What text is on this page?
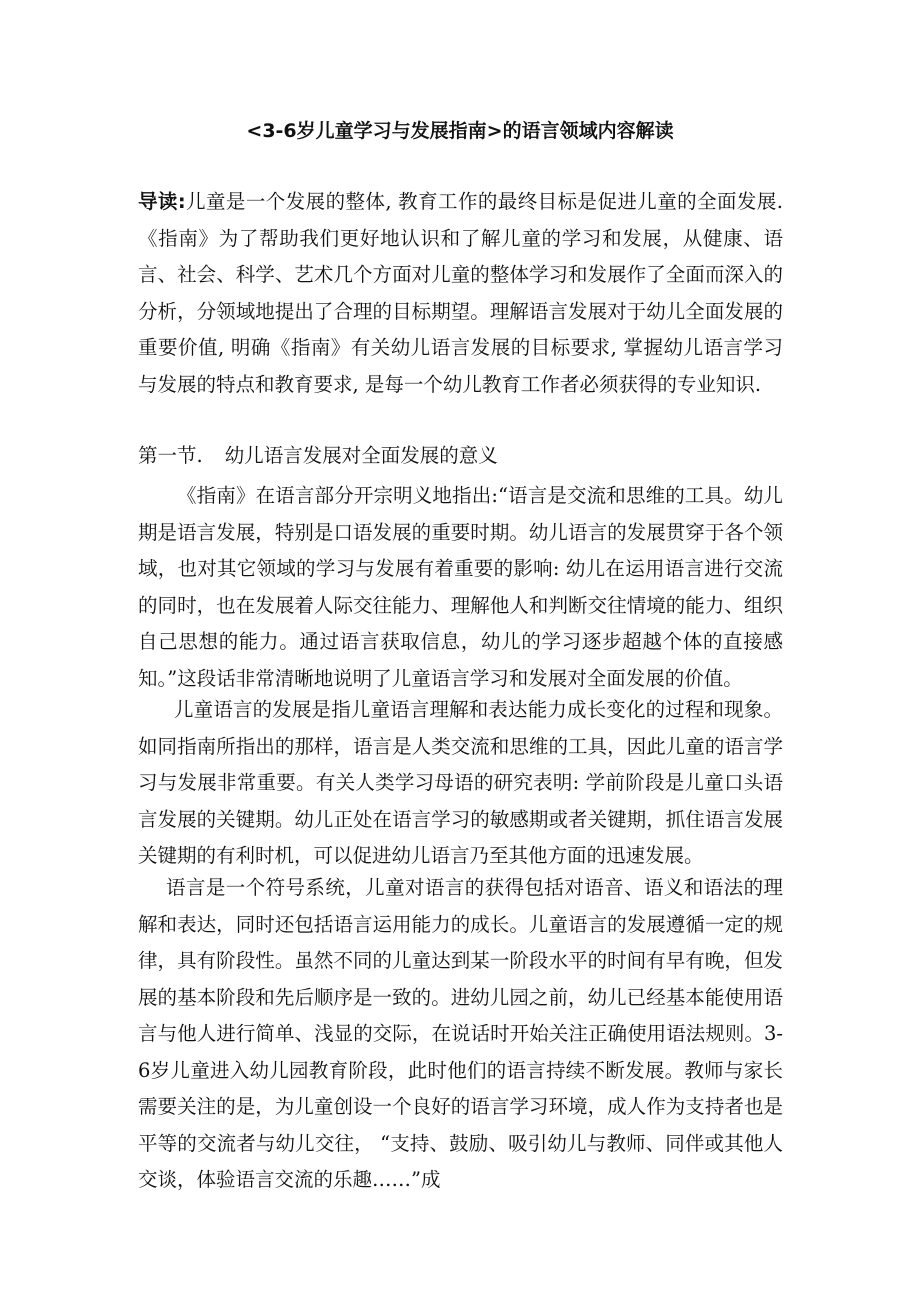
<3-6岁儿童学习与发展指南>的语言领域内容解读
导读:儿童是一个发展的整体, 教育工作的最终目标是促进儿童的全面发展. 《指南》为了帮助我们更好地认识和了解儿童的学习和发展，从健康、语言、社会、科学、艺术几个方面对儿童的整体学习和发展作了全面而深入的分析，分领域地提出了合理的目标期望。理解语言发展对于幼儿全面发展的重要价值, 明确《指南》有关幼儿语言发展的目标要求, 掌握幼儿语言学习与发展的特点和教育要求, 是每一个幼儿教育工作者必须获得的专业知识.
第一节. 幼儿语言发展对全面发展的意义
《指南》在语言部分开宗明义地指出:“语言是交流和思维的工具。幼儿期是语言发展，特别是口语发展的重要时期。幼儿语言的发展贯穿于各个领域，也对其它领域的学习与发展有着重要的影响: 幼儿在运用语言进行交流的同时，也在发展着人际交往能力、理解他人和判断交往情境的能力、组织自己思想的能力。通过语言获取信息，幼儿的学习逐步超越个体的直接感知。”这段话非常清晰地说明了儿童语言学习和发展对全面发展的价值。
儿童语言的发展是指儿童语言理解和表达能力成长变化的过程和现象。如同指南所指出的那样，语言是人类交流和思维的工具，因此儿童的语言学习与发展非常重要。有关人类学习母语的研究表明: 学前阶段是儿童口头语言发展的关键期。幼儿正处在语言学习的敏感期或者关键期，抓住语言发展关键期的有利时机，可以促进幼儿语言乃至其他方面的迅速发展。
语言是一个符号系统，儿童对语言的获得包括对语音、语义和语法的理解和表达，同时还包括语言运用能力的成长。儿童语言的发展遵循一定的规律，具有阶段性。虽然不同的儿童达到某一阶段水平的时间有早有晚，但发展的基本阶段和先后顺序是一致的。进幼儿园之前，幼儿已经基本能使用语言与他人进行简单、浅显的交际，在说话时开始关注正确使用语法规则。3-6岁儿童进入幼儿园教育阶段，此时他们的语言持续不断发展。教师与家长需要关注的是，为儿童创设一个良好的语言学习环境，成人作为支持者也是平等的交流者与幼儿交往， “支持、鼓励、吸引幼儿与教师、同伴或其他人交谈，体验语言交流的乐趣……”成
